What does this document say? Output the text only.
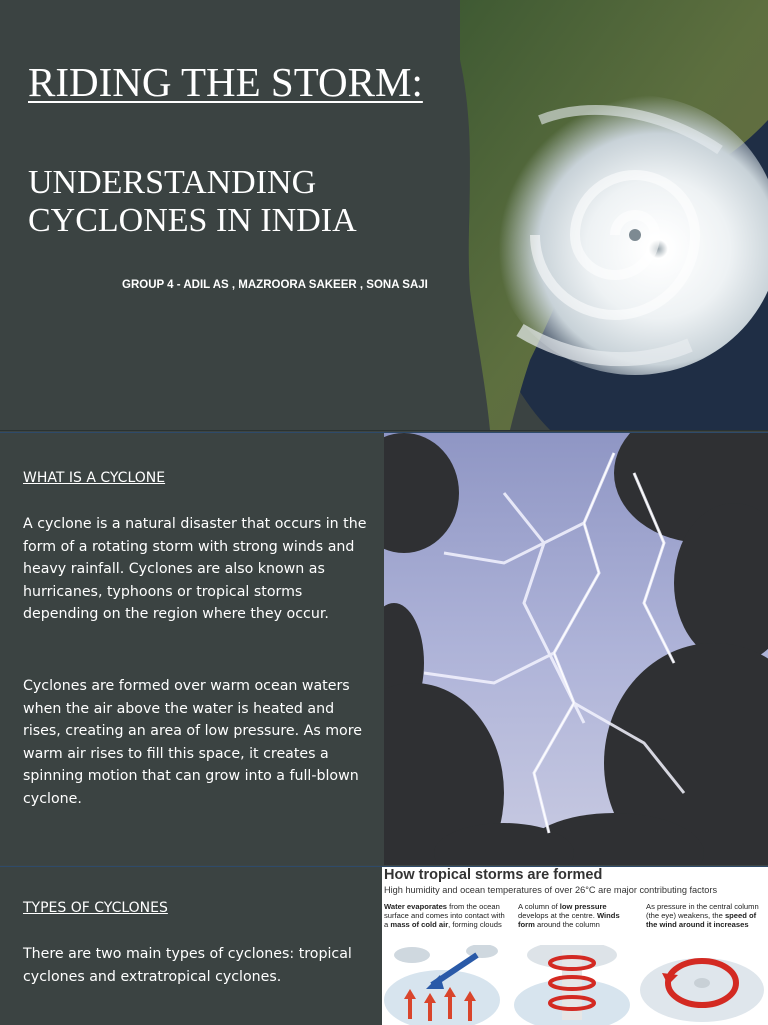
RIDING THE STORM:
UNDERSTANDING CYCLONES IN INDIA
GROUP 4 - ADIL AS , MAZROORA SAKEER , SONA SAJI
WHAT IS A CYCLONE

A cyclone is a natural disaster that occurs in the form of a rotating storm with strong winds and heavy rainfall. Cyclones are also known as hurricanes, typhoons or tropical storms depending on the region where they occur.

Cyclones are formed over warm ocean waters when the air above the water is heated and rises, creating an area of low pressure. As more warm air rises to fill this space, it creates a spinning motion that can grow into a full-blown cyclone.

TYPES OF CYCLONES

There are two main types of cyclones: tropical cyclones and extratropical cyclones.

How tropical storms are formed
High humidity and ocean temperatures of over 26°C are major contributing factors
Water evaporates from the ocean surface and comes into contact with a mass of cold air, forming clouds
A column of low pressure develops at the centre. Winds form around the column
As pressure in the central column (the eye) weakens, the speed of the wind around it increases
